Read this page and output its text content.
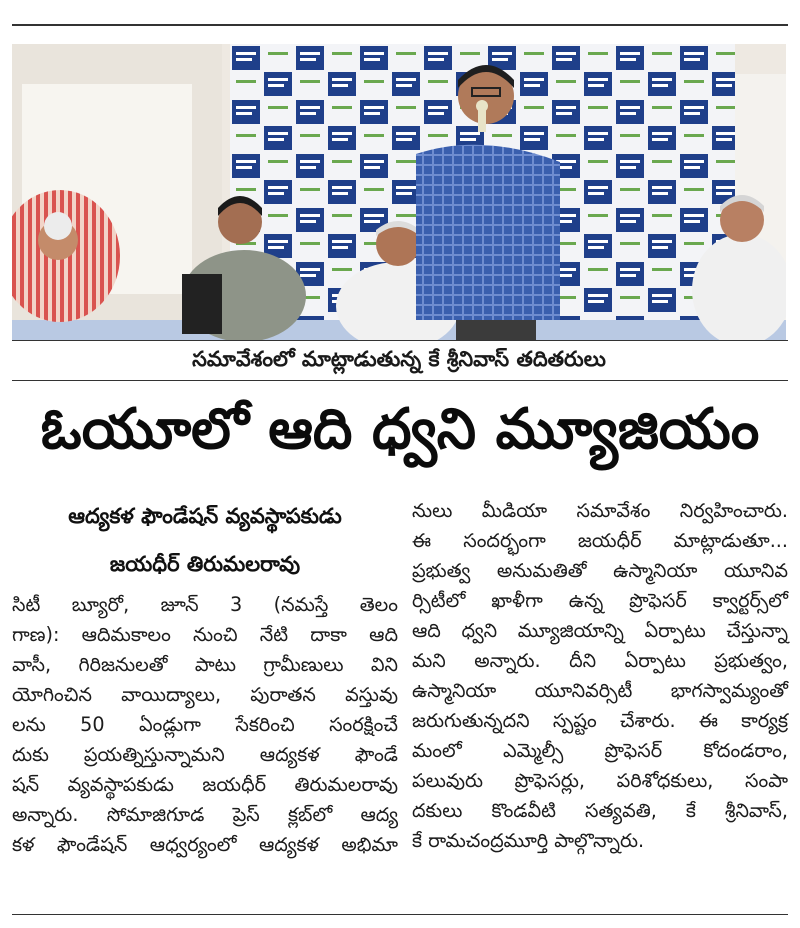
సమావేశంలో మాట్లాడుతున్న కే శ్రీనివాస్ తదితరులు
ఓయూలో ఆది ధ్వని మ్యూజియం
ఆద్యకళ ఫౌండేషన్ వ్యవస్థాపకుడు
జయధీర్ తిరుమలరావు

సిటీ బ్యూరో, జూన్ 3 (నమస్తే తెలం

గాణ): ఆదిమకాలం నుంచి నేటి దాకా ఆది

వాసీ, గిరిజనులతో పాటు గ్రామీణులు విని

యోగించిన వాయిద్యాలు, పురాతన వస్తువు

లను 50 ఏండ్లుగా సేకరించి సంరక్షించే

దుకు ప్రయత్నిస్తున్నామని ఆద్యకళ ఫౌండే

షన్ వ్యవస్థాపకుడు జయధీర్ తిరుమలరావు

అన్నారు. సోమాజిగూడ ప్రెస్ క్లబ్‌లో ఆద్య

కళ ఫౌండేషన్ ఆధ్వర్యంలో ఆద్యకళ అభిమా

నులు మీడియా సమావేశం నిర్వహించారు.

ఈ సందర్భంగా జయధీర్ మాట్లాడుతూ...

ప్రభుత్వ అనుమతితో ఉస్మానియా యూనివ

ర్సిటీలో ఖాళీగా ఉన్న ప్రొఫెసర్ క్వార్టర్స్‌లో

ఆది ధ్వని మ్యూజియాన్ని ఏర్పాటు చేస్తున్నా

మని అన్నారు. దీని ఏర్పాటు ప్రభుత్వం,

ఉస్మానియా యూనివర్సిటీ భాగస్వామ్యంతో

జరుగుతున్నదని స్పష్టం చేశారు. ఈ కార్యక్ర

మంలో ఎమ్మెల్సీ ప్రొఫెసర్ కోదండరాం,

పలువురు ప్రొఫెసర్లు, పరిశోధకులు, సంపా

దకులు కొండవీటి సత్యవతి, కే శ్రీనివాస్,

కే రామచంద్రమూర్తి పాల్గొన్నారు.
